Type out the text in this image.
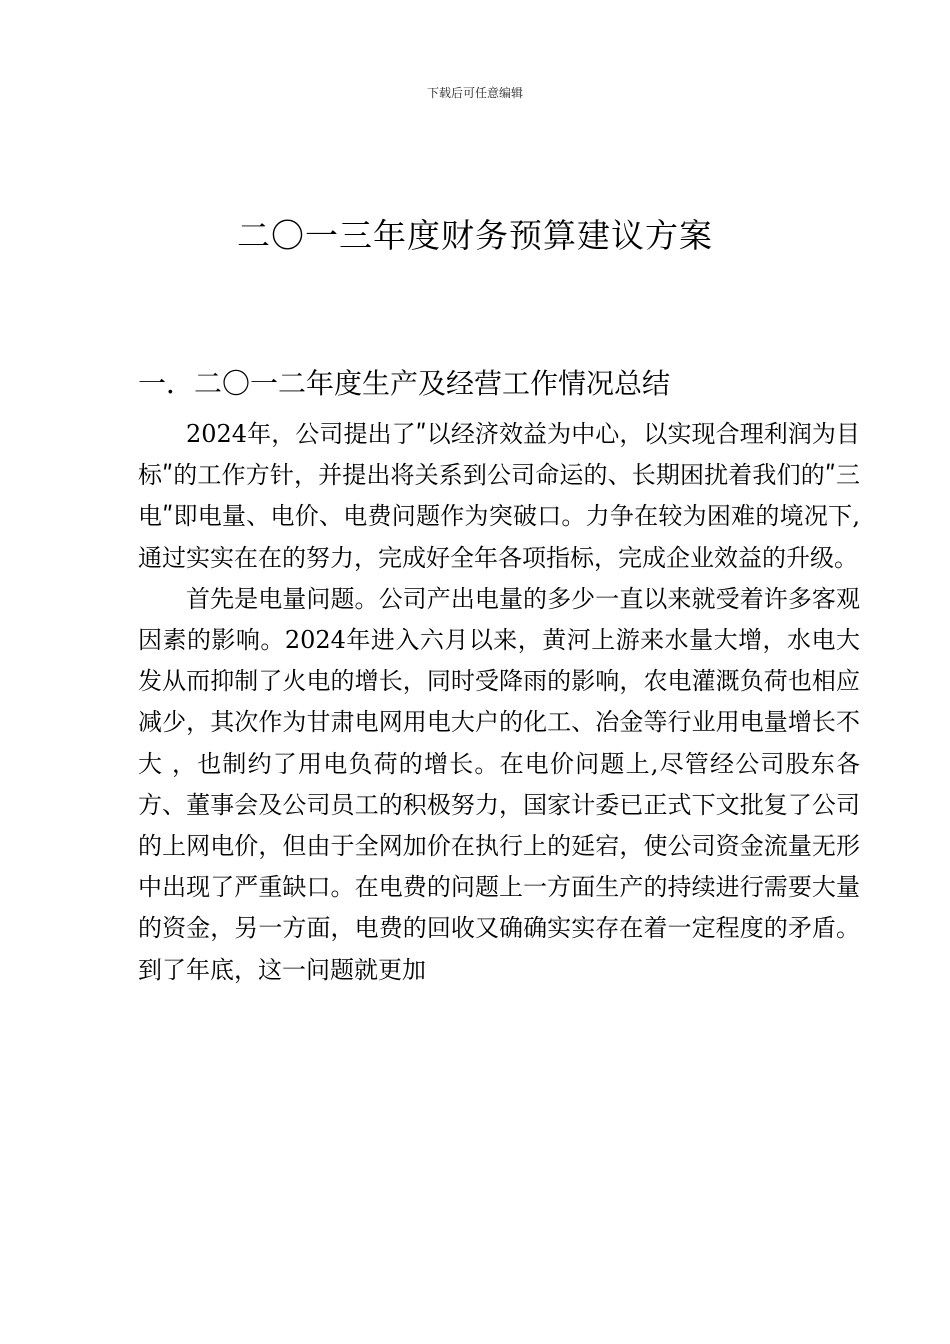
下载后可任意编辑
二〇一三年度财务预算建议方案
一．二〇一二年度生产及经营工作情况总结

2024年，公司提出了ʺ以经济效益为中心，以实现合理利润为目标ʺ的工作方针，并提出将关系到公司命运的、长期困扰着我们的ʺ三电ʺ即电量、电价、电费问题作为突破口。力争在较为困难的境况下,通过实实在在的努力，完成好全年各项指标，完成企业效益的升级。

首先是电量问题。公司产出电量的多少一直以来就受着许多客观因素的影响。2024年进入六月以来，黄河上游来水量大增，水电大发从而抑制了火电的增长，同时受降雨的影响，农电灌溉负荷也相应减少，其次作为甘肃电网用电大户的化工、冶金等行业用电量增长不大 ，也制约了用电负荷的增长。在电价问题上,尽管经公司股东各方、董事会及公司员工的积极努力，国家计委已正式下文批复了公司的上网电价，但由于全网加价在执行上的延宕，使公司资金流量无形中出现了严重缺口。在电费的问题上一方面生产的持续进行需要大量的资金，另一方面，电费的回收又确确实实存在着一定程度的矛盾。到了年底，这一问题就更加
